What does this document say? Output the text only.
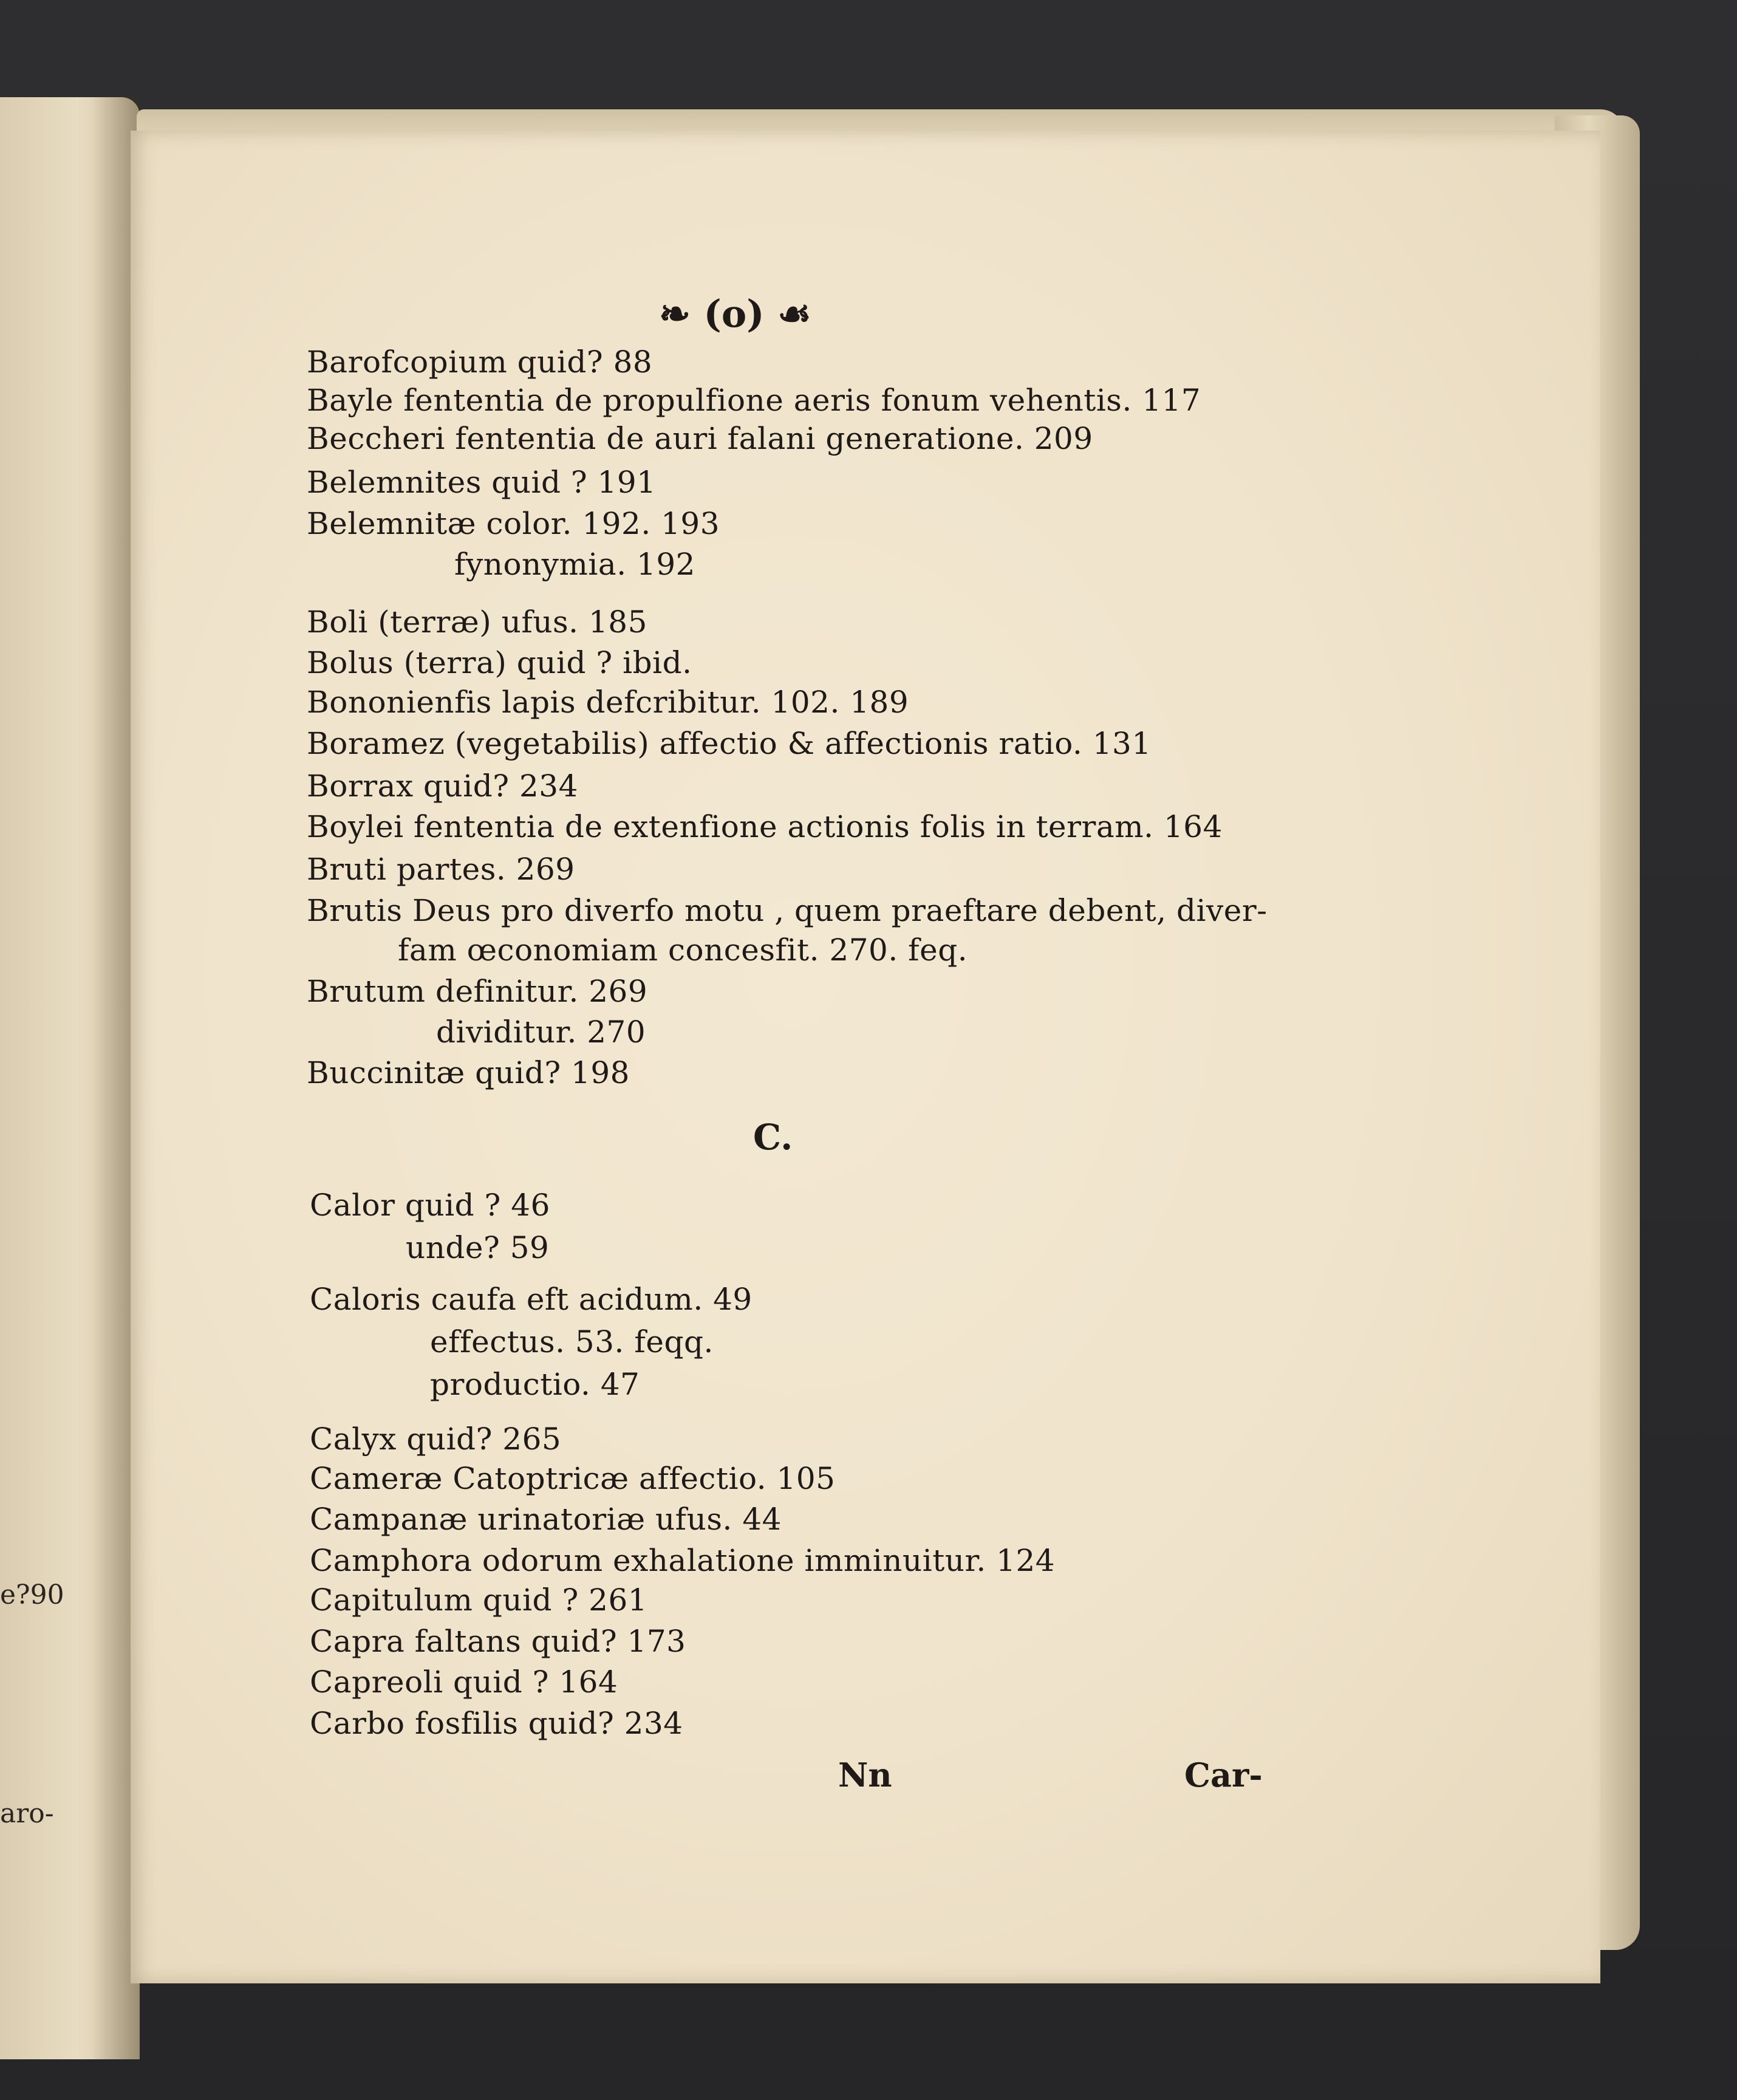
e?90
aro-
❧ (o) ☙
Barofcopium quid? 88
Bayle fententia de propulfione aeris fonum vehentis. 117
Beccheri fententia de auri falani generatione. 209
Belemnites quid ? 191
Belemnitæ color. 192. 193
fynonymia. 192
Boli (terræ) ufus. 185
Bolus (terra) quid ? ibid.
Bononienfis lapis defcribitur. 102. 189
Boramez (vegetabilis) affectio & affectionis ratio. 131
Borrax quid? 234
Boylei fententia de extenfione actionis folis in terram. 164
Bruti partes. 269
Brutis Deus pro diverfo motu , quem praeftare debent, diver-
fam œconomiam concesfit. 270. feq.
Brutum definitur. 269
dividitur. 270
Buccinitæ quid? 198
C.
Calor quid ? 46
unde? 59
Caloris caufa eft acidum. 49
effectus. 53. feqq.
productio. 47
Calyx quid? 265
Cameræ Catoptricæ affectio. 105
Campanæ urinatoriæ ufus. 44
Camphora odorum exhalatione imminuitur. 124
Capitulum quid ? 261
Capra faltans quid? 173
Capreoli quid ? 164
Carbo fosfilis quid? 234
Nn	Car-
